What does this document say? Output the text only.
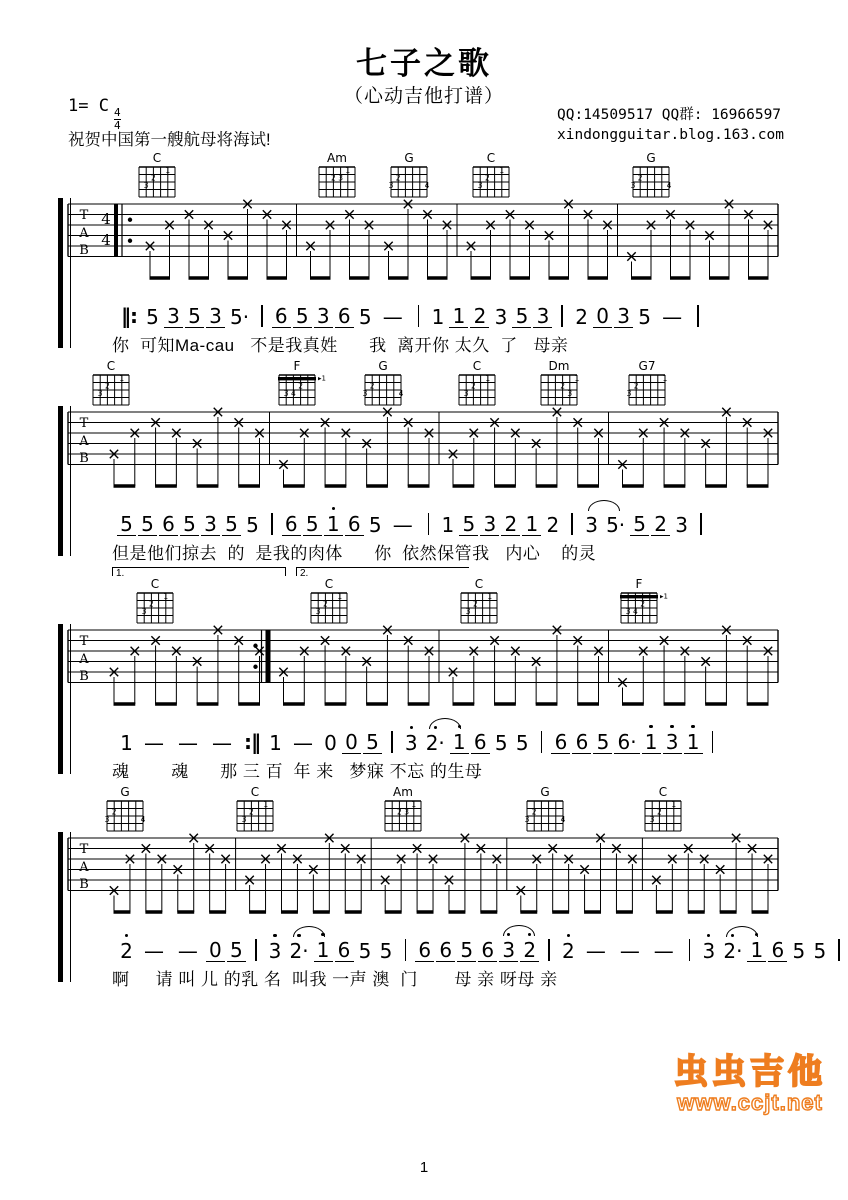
七子之歌
（心动吉他打谱）
1= C
$\frac{4}{4}$
祝贺中国第一艘航母将海试!
QQ:14509517 QQ群: 16966597
xindongguitar.blog.163.com
C
3
2
1
Am
2 3
1
G
2
3	4
C
3
2
1
G
2
3	4
T
A
B
4
4
‖: 5 3 5 3 5· 6 5 3 6 5 — 1 1 2 3 5 3 2 0 3 5 —
你  可知Ma-cau   不是我真姓      我  离开你 太久  了   母亲
C
3
2
1
F
▸1
2
3 4
G
2
3	4
C
3
2
1
Dm
2
3
1
G7
2
3
1
T
A
B
5 5 6 5 3 5 5 6 5 1 6 5 — 1 5 3 2 1 2 3 5· 5 2 3
但是他们掠去  的  是我的肉体      你  依然保管我   内心    的灵
1.	2.
C
3
2
1
C
3
2
1
C
3
2
1
F
▸1
2
3 4
T
A
B
1 — — — :‖ 1 — 0 0 5 3 2· 1 6 5 5 6 6 5 6· 1 3 1
魂        魂      那 三 百  年 来   梦寐 不忘 的生母
G
2
3	4
C
3
2
1
Am
2 3
1
G
2
3	4
C
3
2
1
T
A
B
2 — — 0 5 3 2· 1 6 5 5 6 6 5 6 3 2 2 — — — 3 2· 1 6 5 5
啊     请 叫 儿 的乳 名  叫我 一声 澳  门       母 亲 呀母 亲
虫虫吉他
www.ccjt.net
1
